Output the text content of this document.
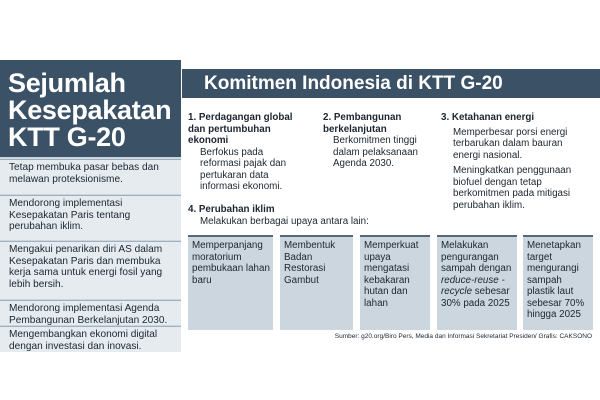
Sejumlah
Kesepakatan
KTT G-20
Tetap membuka pasar bebas dan melawan proteksionisme.
Mendorong implementasi Kesepakatan Paris tentang perubahan iklim.
Mengakui penarikan diri AS dalam Kesepakatan Paris dan membuka kerja sama untuk energi fosil yang lebih bersih.
Mendorong implementasi Agenda Pembangunan Berkelanjutan 2030.
Mengembangkan ekonomi digital dengan investasi dan inovasi.
Komitmen Indonesia di KTT G-20
1. Perdagangan global dan pertumbuhan ekonomi
Berfokus pada reformasi pajak dan pertukaran data informasi ekonomi.
2. Pembangunan berkelanjutan
Berkomitmen tinggi dalam pelaksanaan Agenda 2030.
3. Ketahanan energi
Memperbesar porsi energi terbarukan dalam bauran energi nasional.
Meningkatkan penggunaan biofuel dengan tetap berkomitmen pada mitigasi perubahan iklim.
4. Perubahan iklim
Melakukan berbagai upaya antara lain:
Memperpanjang moratorium pembukaan lahan baru
Membentuk Badan Restorasi Gambut
Memperkuat upaya mengatasi kebakaran hutan dan lahan
Melakukan pengurangan sampah dengan reduce-reuse -recycle sebesar 30% pada 2025
Menetapkan target mengurangi sampah plastik laut sebesar 70% hingga 2025
Sumber: g20.org/Biro Pers, Media dan Informasi Sekretariat Presiden/ Grafis: CAKSONO
